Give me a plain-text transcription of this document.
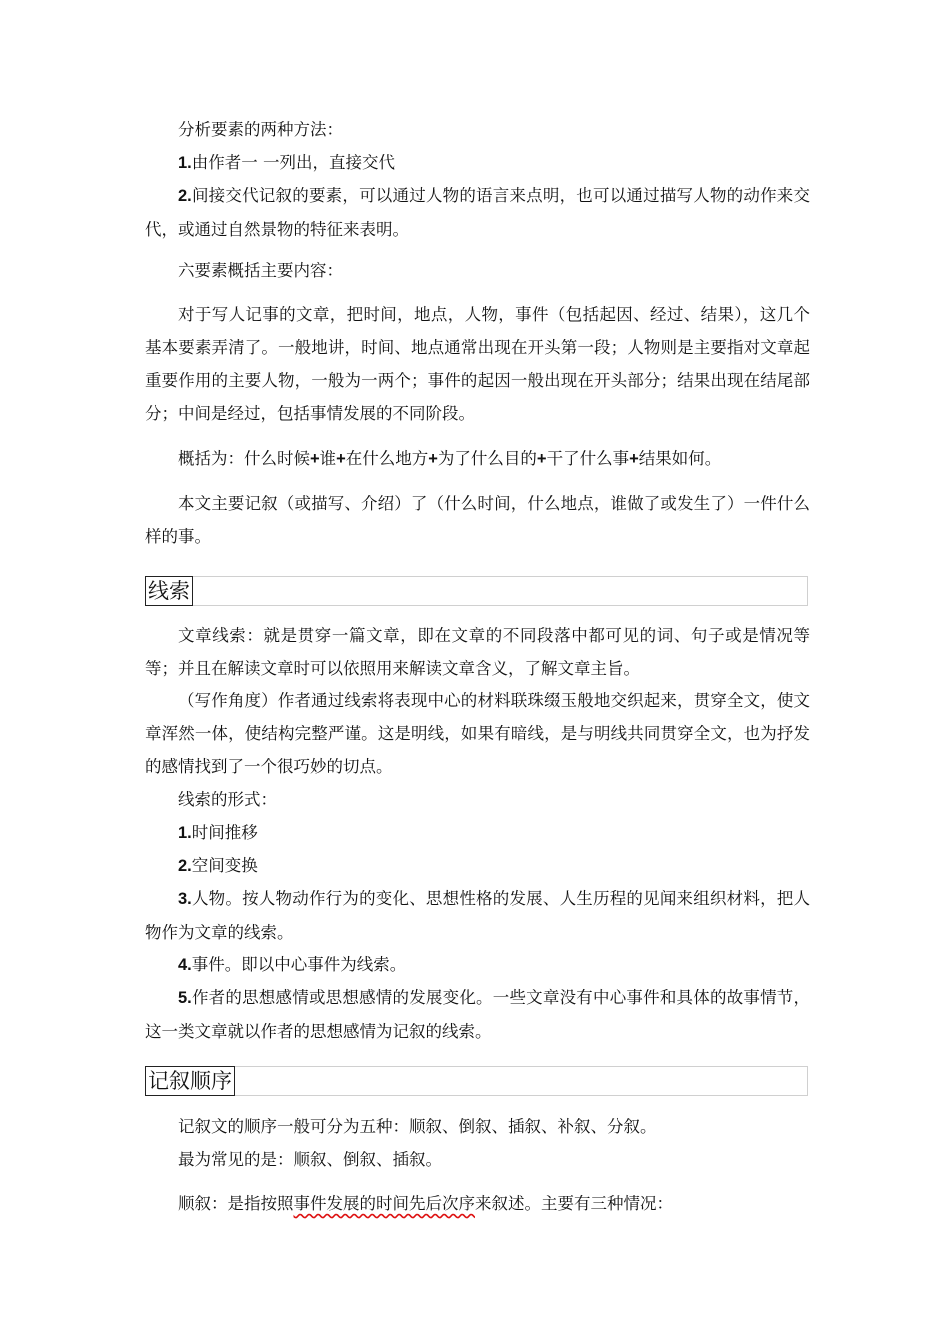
分析要素的两种方法：

1.由作者一 一列出，直接交代

2.间接交代记叙的要素，可以通过人物的语言来点明，也可以通过描写人物的动作来交代，或通过自然景物的特征来表明。

六要素概括主要内容：

对于写人记事的文章，把时间，地点，人物，事件（包括起因、经过、结果），这几个基本要素弄清了。一般地讲，时间、地点通常出现在开头第一段；人物则是主要指对文章起重要作用的主要人物，一般为一两个；事件的起因一般出现在开头部分；结果出现在结尾部分；中间是经过，包括事情发展的不同阶段。

概括为：什么时候+谁+在什么地方+为了什么目的+干了什么事+结果如何。

本文主要记叙（或描写、介绍）了（什么时间，什么地点，谁做了或发生了）一件什么样的事。

线索

文章线索：就是贯穿一篇文章，即在文章的不同段落中都可见的词、句子或是情况等等；并且在解读文章时可以依照用来解读文章含义，了解文章主旨。

（写作角度）作者通过线索将表现中心的材料联珠缀玉般地交织起来，贯穿全文，使文章浑然一体，使结构完整严谨。这是明线，如果有暗线，是与明线共同贯穿全文，也为抒发的感情找到了一个很巧妙的切点。

线索的形式：

1.时间推移

2.空间变换

3.人物。按人物动作行为的变化、思想性格的发展、人生历程的见闻来组织材料，把人物作为文章的线索。

4.事件。即以中心事件为线索。

5.作者的思想感情或思想感情的发展变化。一些文章没有中心事件和具体的故事情节，这一类文章就以作者的思想感情为记叙的线索。

记叙顺序

记叙文的顺序一般可分为五种：顺叙、倒叙、插叙、补叙、分叙。

最为常见的是：顺叙、倒叙、插叙。

顺叙：是指按照事件发展的时间先后次序来叙述。主要有三种情况：
